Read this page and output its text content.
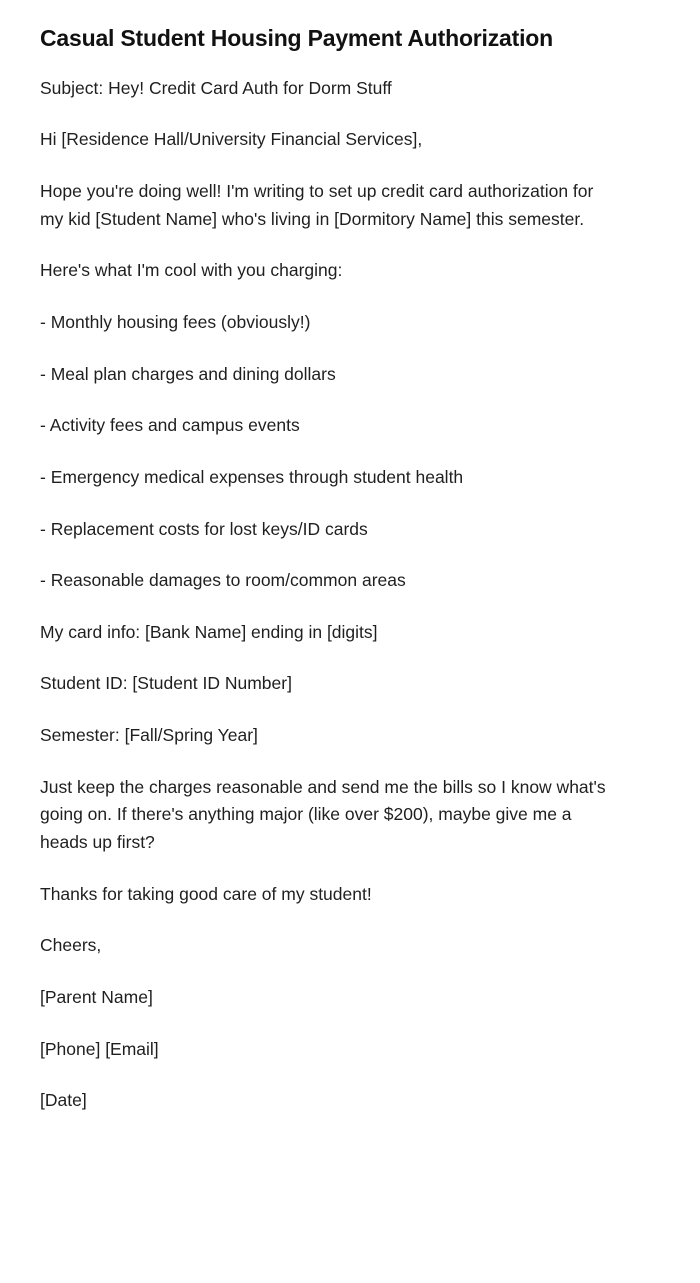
Casual Student Housing Payment Authorization

Subject: Hey! Credit Card Auth for Dorm Stuff

Hi [Residence Hall/University Financial Services],

Hope you're doing well! I'm writing to set up credit card authorization for my kid [Student Name] who's living in [Dormitory Name] this semester.

Here's what I'm cool with you charging:

- Monthly housing fees (obviously!)

- Meal plan charges and dining dollars

- Activity fees and campus events

- Emergency medical expenses through student health

- Replacement costs for lost keys/ID cards

- Reasonable damages to room/common areas

My card info: [Bank Name] ending in [digits]

Student ID: [Student ID Number]

Semester: [Fall/Spring Year]

Just keep the charges reasonable and send me the bills so I know what's going on. If there's anything major (like over $200), maybe give me a heads up first?

Thanks for taking good care of my student!

Cheers,

[Parent Name]

[Phone] [Email]

[Date]
